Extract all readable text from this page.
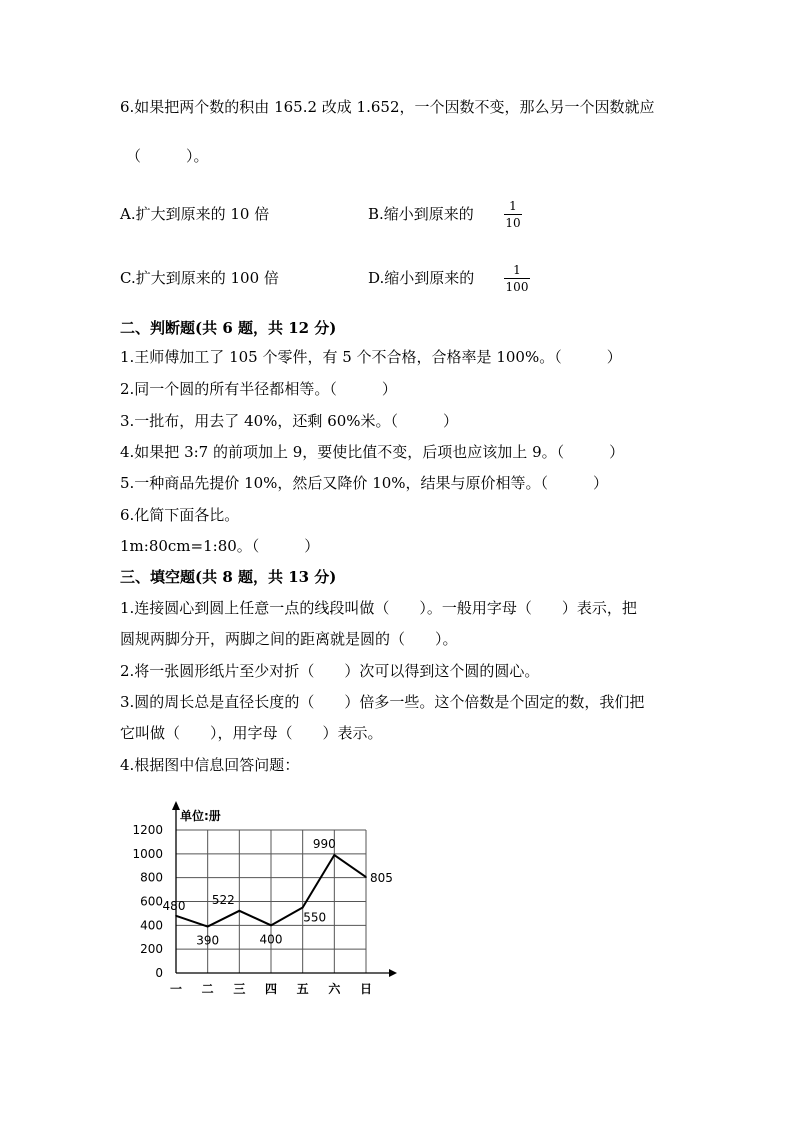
6.如果把两个数的积由 165.2 改成 1.652，一个因数不变，那么另一个因数就应
（　　　）。
A.扩大到原来的 10 倍	B.缩小到原来的	1
10
C.扩大到原来的 100 倍	D.缩小到原来的	1
100
二、判断题(共 6 题，共 12 分)
1.王师傅加工了 105 个零件，有 5 个不合格，合格率是 100%。（　　　）
2.同一个圆的所有半径都相等。（　　　）
3.一批布，用去了 40%，还剩 60%米。（　　　）
4.如果把 3:7 的前项加上 9，要使比值不变，后项也应该加上 9。（　　　）
5.一种商品先提价 10%，然后又降价 10%，结果与原价相等。（　　　）
6.化简下面各比。
1m:80cm=1:80。（　　　）
三、填空题(共 8 题，共 13 分)
1.连接圆心到圆上任意一点的线段叫做（　　）。一般用字母（　　）表示，把
圆规两脚分开，两脚之间的距离就是圆的（　　）。
2.将一张圆形纸片至少对折（　　）次可以得到这个圆的圆心。
3.圆的周长总是直径长度的（　　）倍多一些。这个倍数是个固定的数，我们把
它叫做（　　），用字母（　　）表示。
4.根据图中信息回答问题：
单位:册
0
200
400
600
800
1000
1200
一 二 三 四 五 六 日
480
390
522
400
550
990
805
